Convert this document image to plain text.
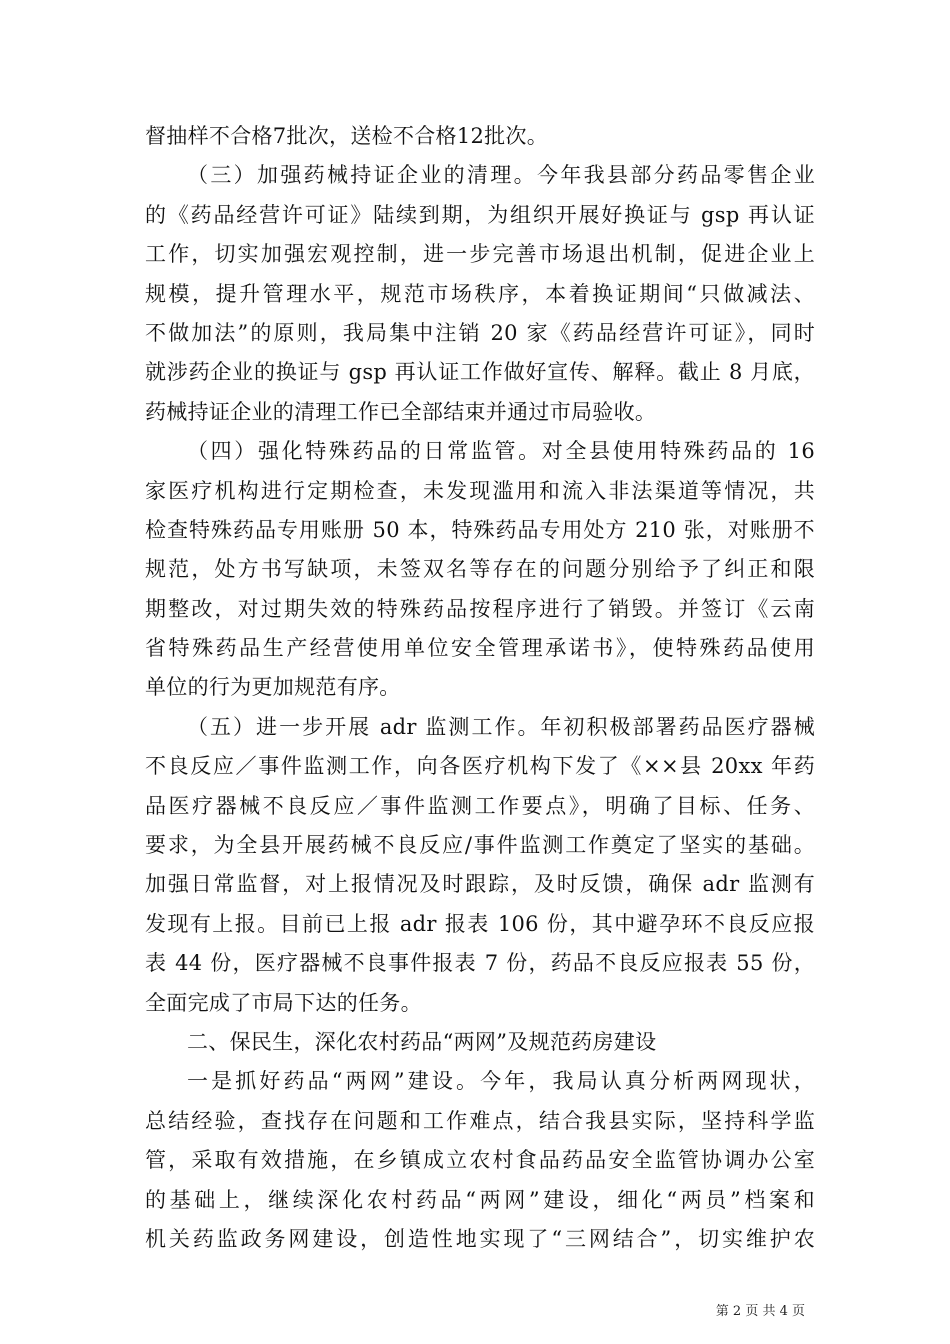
督抽样不合格7批次，送检不合格12批次。
（三）加强药械持证企业的清理。今年我县部分药品零售企业
的《药品经营许可证》陆续到期，为组织开展好换证与 gsp 再认证
工作，切实加强宏观控制，进一步完善市场退出机制，促进企业上
规模，提升管理水平，规范市场秩序，本着换证期间“只做减法、
不做加法”的原则，我局集中注销 20 家《药品经营许可证》，同时
就涉药企业的换证与 gsp 再认证工作做好宣传、解释。截止 8 月底，
药械持证企业的清理工作已全部结束并通过市局验收。
（四）强化特殊药品的日常监管。对全县使用特殊药品的 16
家医疗机构进行定期检查，未发现滥用和流入非法渠道等情况，共
检查特殊药品专用账册 50 本，特殊药品专用处方 210 张，对账册不
规范，处方书写缺项，未签双名等存在的问题分别给予了纠正和限
期整改，对过期失效的特殊药品按程序进行了销毁。并签订《云南
省特殊药品生产经营使用单位安全管理承诺书》，使特殊药品使用
单位的行为更加规范有序。
（五）进一步开展 adr 监测工作。年初积极部署药品医疗器械
不良反应／事件监测工作，向各医疗机构下发了《××县 20xx 年药
品医疗器械不良反应／事件监测工作要点》，明确了目标、任务、
要求，为全县开展药械不良反应/事件监测工作奠定了坚实的基础。
加强日常监督，对上报情况及时跟踪，及时反馈，确保 adr 监测有
发现有上报。目前已上报 adr 报表 106 份，其中避孕环不良反应报
表 44 份，医疗器械不良事件报表 7 份，药品不良反应报表 55 份，
全面完成了市局下达的任务。
二、保民生，深化农村药品“两网”及规范药房建设
一是抓好药品“两网”建设。今年，我局认真分析两网现状，
总结经验，查找存在问题和工作难点，结合我县实际，坚持科学监
管，采取有效措施，在乡镇成立农村食品药品安全监管协调办公室
的基础上，继续深化农村药品“两网”建设，细化“两员”档案和
机关药监政务网建设，创造性地实现了“三网结合”，切实维护农
第 2 页 共 4 页
